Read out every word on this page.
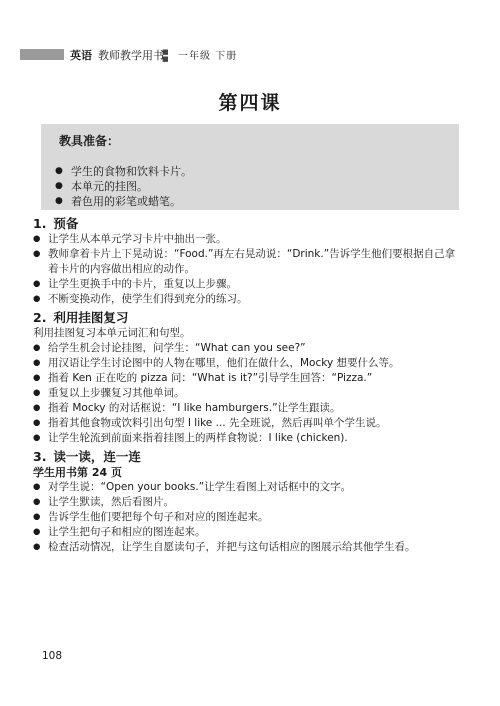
英语 教师教学用书
■
■ 一年级 下册
第四课
教具准备：
● 学生的食物和饮料卡片。
● 本单元的挂图。
● 着色用的彩笔或蜡笔。

1. 预备

● 让学生从本单元学习卡片中抽出一张。
● 教师拿着卡片上下晃动说：“Food.”再左右晃动说：“Drink.”告诉学生他们要根据自己拿着卡片的内容做出相应的动作。
● 让学生更换手中的卡片，重复以上步骤。
● 不断变换动作，使学生们得到充分的练习。

2. 利用挂图复习

利用挂图复习本单元词汇和句型。

● 给学生机会讨论挂图，问学生：“What can you see?”
● 用汉语让学生讨论图中的人物在哪里，他们在做什么，Mocky 想要什么等。
● 指着 Ken 正在吃的 pizza 问：“What is it?”引导学生回答：“Pizza.”
● 重复以上步骤复习其他单词。
● 指着 Mocky 的对话框说：“I like hamburgers.”让学生跟读。
● 指着其他食物或饮料引出句型 I like ... 先全班说，然后再叫单个学生说。
● 让学生轮流到前面来指着挂图上的两样食物说：I like (chicken).

3. 读一读，连一连

学生用书第 24 页

● 对学生说：“Open your books.”让学生看图上对话框中的文字。
● 让学生默读，然后看图片。
● 告诉学生他们要把每个句子和对应的图连起来。
● 让学生把句子和相应的图连起来。
● 检查活动情况，让学生自愿读句子，并把与这句话相应的图展示给其他学生看。
108
